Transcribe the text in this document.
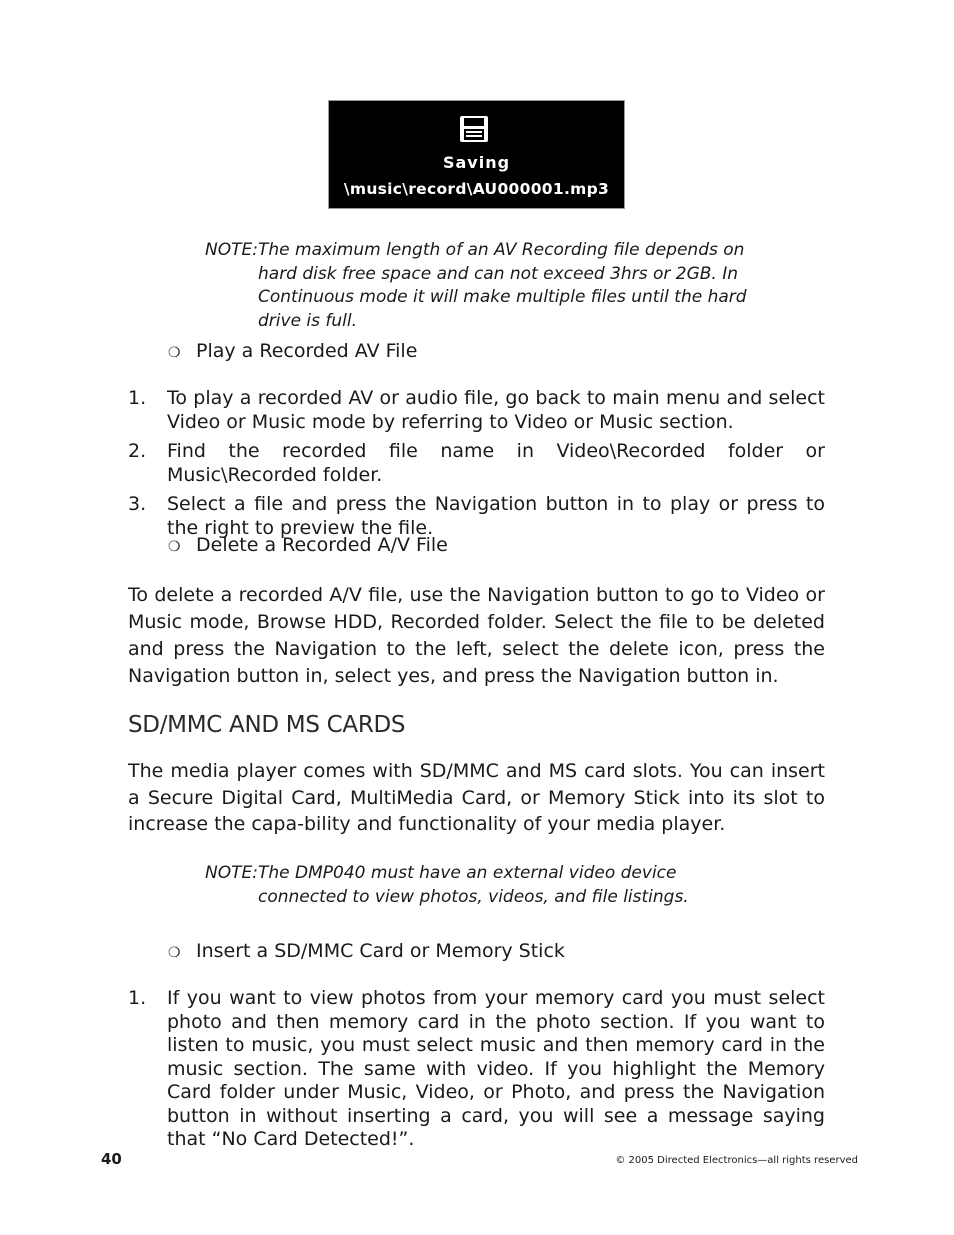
Saving
\music\record\AU000001.mp3
NOTE: The maximum length of an AV Recording file depends on hard disk free space and can not exceed 3hrs or 2GB. In Continuous mode it will make multiple files until the hard drive is full.
❍ Play a Recorded AV File
1. To play a recorded AV or audio file, go back to main menu and select Video or Music mode by referring to Video or Music section.
2. Find the recorded file name in Video\Recorded folder or Music\Recorded folder.
3. Select a file and press the Navigation button in to play or press to the right to preview the file.
❍ Delete a Recorded A/V File
To delete a recorded A/V file, use the Navigation button to go to Video or Music mode, Browse HDD, Recorded folder. Select the file to be deleted and press the Navigation to the left, select the delete icon, press the Navigation button in, select yes, and press the Navigation button in.
SD/MMC AND MS CARDS
The media player comes with SD/MMC and MS card slots. You can insert a Secure Digital Card, MultiMedia Card, or Memory Stick into its slot to increase the capa-bility and functionality of your media player.
NOTE: The DMP040 must have an external video device connected to view photos, videos, and file listings.
❍ Insert a SD/MMC Card or Memory Stick
1. If you want to view photos from your memory card you must select photo and then memory card in the photo section. If you want to listen to music, you must select music and then memory card in the music section. The same with video. If you highlight the Memory Card folder under Music, Video, or Photo, and press the Navigation button in without inserting a card, you will see a message saying that “No Card Detected!”.
40	© 2005 Directed Electronics—all rights reserved
